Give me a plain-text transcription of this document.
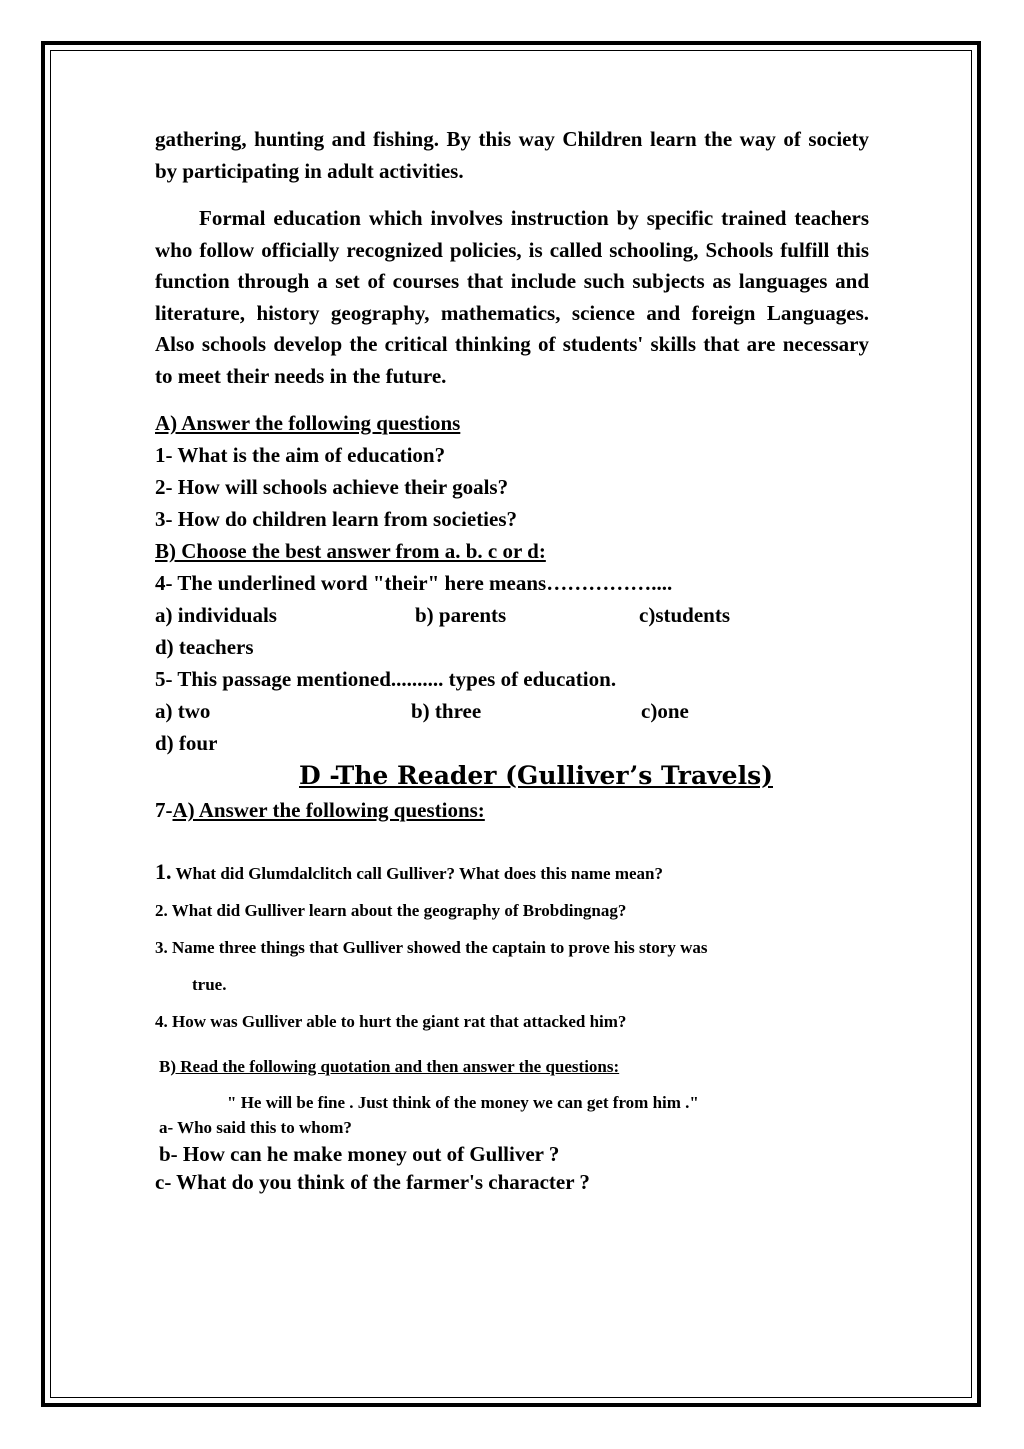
gathering, hunting and fishing. By this way Children learn the way of society by participating in adult activities.

Formal education which involves instruction by specific trained teachers who follow officially recognized policies, is called schooling, Schools fulfill this function through a set of courses that include such subjects as languages and literature, history geography, mathematics, science and foreign Languages. Also schools develop the critical thinking of students' skills that are necessary to meet their needs in the future.

A) Answer the following questions

1- What is the aim of education?

2- How will schools achieve their goals?

3- How do children learn from societies?

B) Choose the best answer from a. b. c or d:

4- The underlined word "their" here means……………....

a) individuals	b) parents	c)students

d) teachers

5- This passage mentioned.......... types of education.

a) two	b) three	c)one

d) four

D -The Reader (Gulliver’s Travels)

7-A) Answer the following questions:

1. What did Glumdalclitch call Gulliver? What does this name mean?

2. What did Gulliver learn about the geography of Brobdingnag?

3. Name three things that Gulliver showed the captain to prove his story was

true.

4. How was Gulliver able to hurt the giant rat that attacked him?

B) Read the following quotation and then answer the questions:

" He will be fine . Just think of the money we can get from him ."

a- Who said this to whom?

b- How can he make money out of Gulliver ?

c- What do you think of the farmer's character ?
